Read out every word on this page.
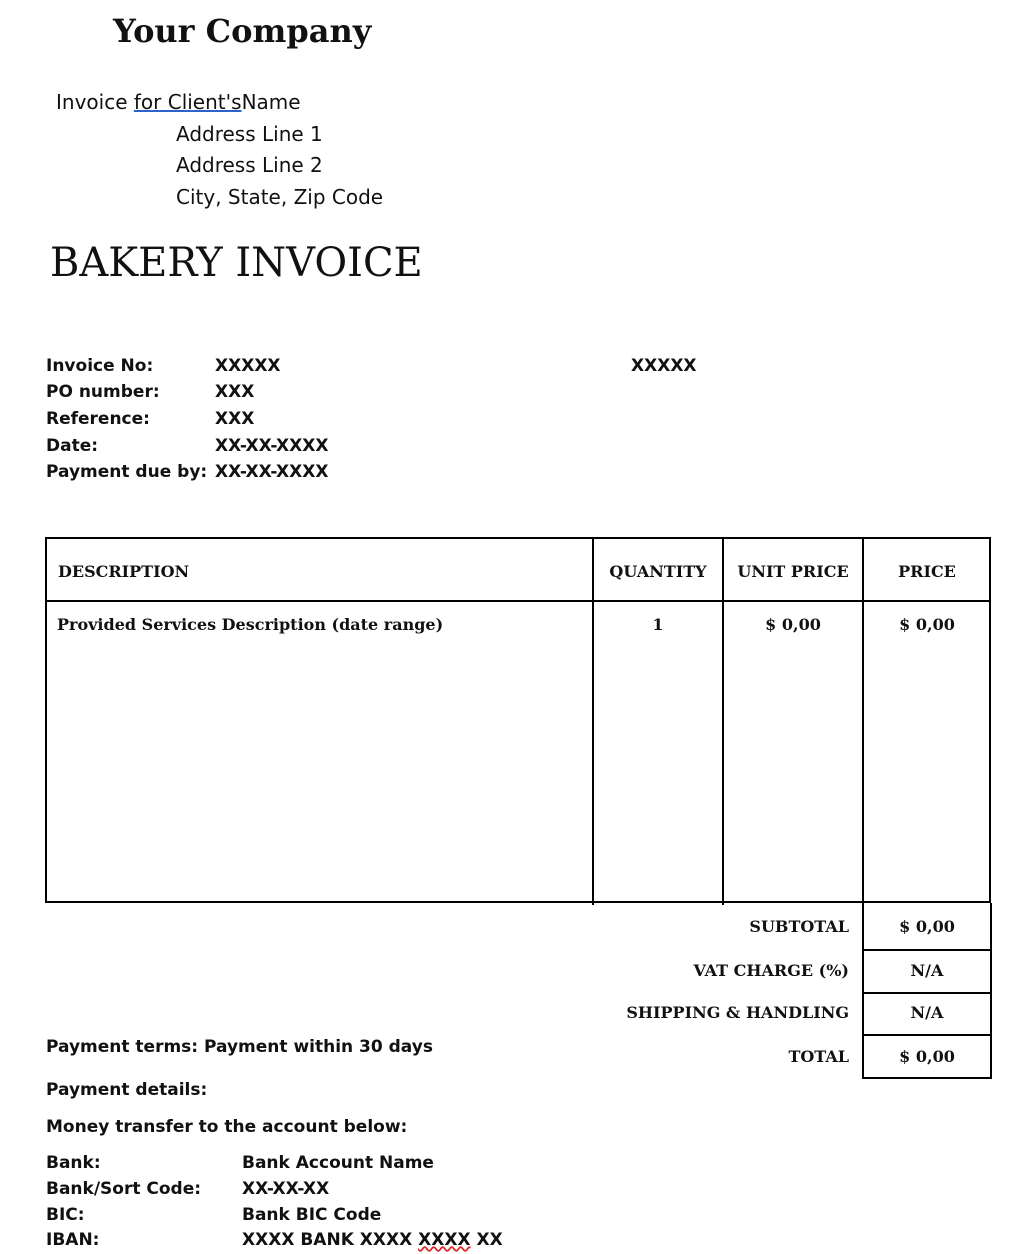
Your Company
Invoice for Client'sName
Address Line 1
Address Line 2
City, State, Zip Code
BAKERY INVOICE
Invoice No:	XXXXX	XXXXX
PO number:	XXX
Reference:	XXX
Date:	XX-XX-XXXX
Payment due by: XX-XX-XXXX
DESCRIPTION	QUANTITY	UNIT PRICE	PRICE
Provided Services Description (date range)	1	$ 0,00	$ 0,00
SUBTOTAL	$ 0,00
VAT CHARGE (%)	N/A
SHIPPING & HANDLING	N/A
TOTAL	$ 0,00
Payment terms: Payment within 30 days
Payment details:
Money transfer to the account below:
Bank:	Bank Account Name
Bank/Sort Code: XX-XX-XX
BIC:	Bank BIC Code
IBAN:	XXXX BANK XXXX XXXX XX
